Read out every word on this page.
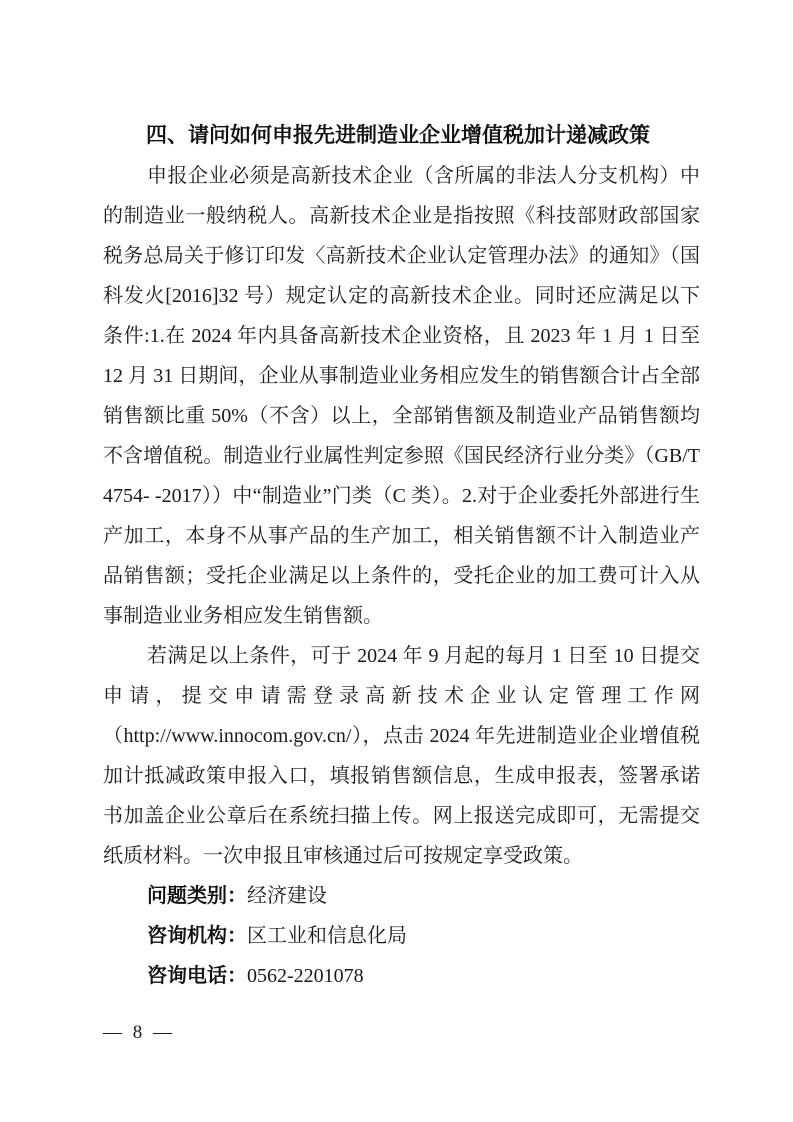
四、请问如何申报先进制造业企业增值税加计递减政策

申报企业必须是高新技术企业（含所属的非法人分支机构）中的制造业一般纳税人。高新技术企业是指按照《科技部财政部国家税务总局关于修订印发〈高新技术企业认定管理办法》的通知》（国科发火[2016]32 号）规定认定的高新技术企业。同时还应满足以下条件:1.在 2024 年内具备高新技术企业资格，且 2023 年 1 月 1 日至 12 月 31 日期间，企业从事制造业业务相应发生的销售额合计占全部销售额比重 50%（不含）以上，全部销售额及制造业产品销售额均不含增值税。制造业行业属性判定参照《国民经济行业分类》（GB/T 4754- -2017））中“制造业”门类（C 类）。2.对于企业委托外部进行生产加工，本身不从事产品的生产加工，相关销售额不计入制造业产品销售额；受托企业满足以上条件的，受托企业的加工费可计入从事制造业业务相应发生销售额。

若满足以上条件，可于 2024 年 9 月起的每月 1 日至 10 日提交申请，提交申请需登录高新技术企业认定管理工作网（http://www.innocom.gov.cn/），点击 2024 年先进制造业企业增值税加计抵减政策申报入口，填报销售额信息，生成申报表，签署承诺书加盖企业公章后在系统扫描上传。网上报送完成即可，无需提交纸质材料。一次申报且审核通过后可按规定享受政策。

问题类别：经济建设

咨询机构：区工业和信息化局

咨询电话：0562-2201078

— 8 —
